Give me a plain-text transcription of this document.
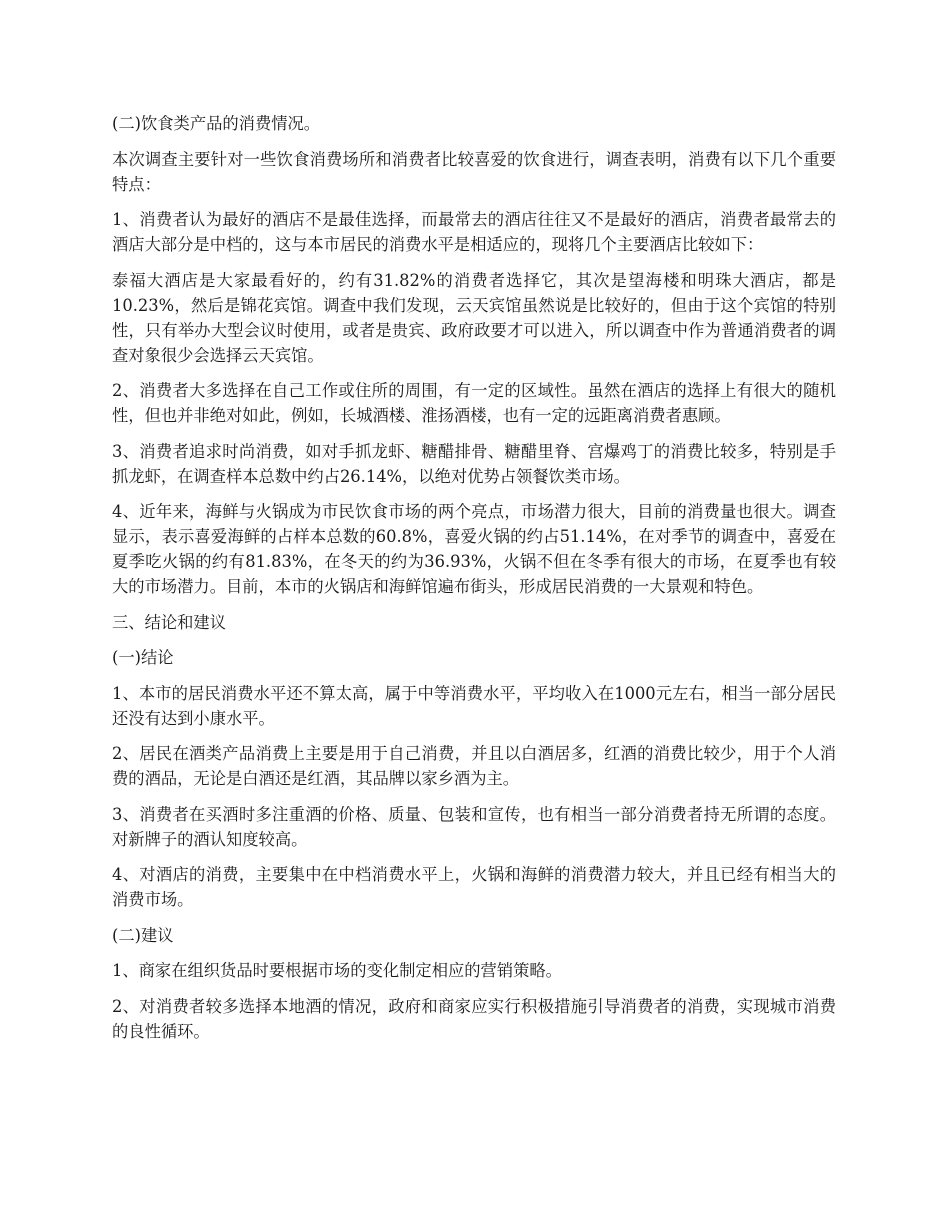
(二)饮食类产品的消费情况。

本次调查主要针对一些饮食消费场所和消费者比较喜爱的饮食进行，调查表明，消费有以下几个重要特点：

1、消费者认为最好的酒店不是最佳选择，而最常去的酒店往往又不是最好的酒店，消费者最常去的酒店大部分是中档的，这与本市居民的消费水平是相适应的，现将几个主要酒店比较如下：

泰福大酒店是大家最看好的，约有31.82%的消费者选择它，其次是望海楼和明珠大酒店，都是10.23%，然后是锦花宾馆。调查中我们发现，云天宾馆虽然说是比较好的，但由于这个宾馆的特别性，只有举办大型会议时使用，或者是贵宾、政府政要才可以进入，所以调查中作为普通消费者的调查对象很少会选择云天宾馆。

2、消费者大多选择在自己工作或住所的周围，有一定的区域性。虽然在酒店的选择上有很大的随机性，但也并非绝对如此，例如，长城酒楼、淮扬酒楼，也有一定的远距离消费者惠顾。

3、消费者追求时尚消费，如对手抓龙虾、糖醋排骨、糖醋里脊、宫爆鸡丁的消费比较多，特别是手抓龙虾，在调查样本总数中约占26.14%，以绝对优势占领餐饮类市场。

4、近年来，海鲜与火锅成为市民饮食市场的两个亮点，市场潜力很大，目前的消费量也很大。调查显示，表示喜爱海鲜的占样本总数的60.8%，喜爱火锅的约占51.14%，在对季节的调查中，喜爱在夏季吃火锅的约有81.83%，在冬天的约为36.93%，火锅不但在冬季有很大的市场，在夏季也有较大的市场潜力。目前，本市的火锅店和海鲜馆遍布街头，形成居民消费的一大景观和特色。

三、结论和建议

(一)结论

1、本市的居民消费水平还不算太高，属于中等消费水平，平均收入在1000元左右，相当一部分居民还没有达到小康水平。

2、居民在酒类产品消费上主要是用于自己消费，并且以白酒居多，红酒的消费比较少，用于个人消费的酒品，无论是白酒还是红酒，其品牌以家乡酒为主。

3、消费者在买酒时多注重酒的价格、质量、包装和宣传，也有相当一部分消费者持无所谓的态度。对新牌子的酒认知度较高。

4、对酒店的消费，主要集中在中档消费水平上，火锅和海鲜的消费潜力较大，并且已经有相当大的消费市场。

(二)建议

1、商家在组织货品时要根据市场的变化制定相应的营销策略。

2、对消费者较多选择本地酒的情况，政府和商家应实行积极措施引导消费者的消费，实现城市消费的良性循环。
